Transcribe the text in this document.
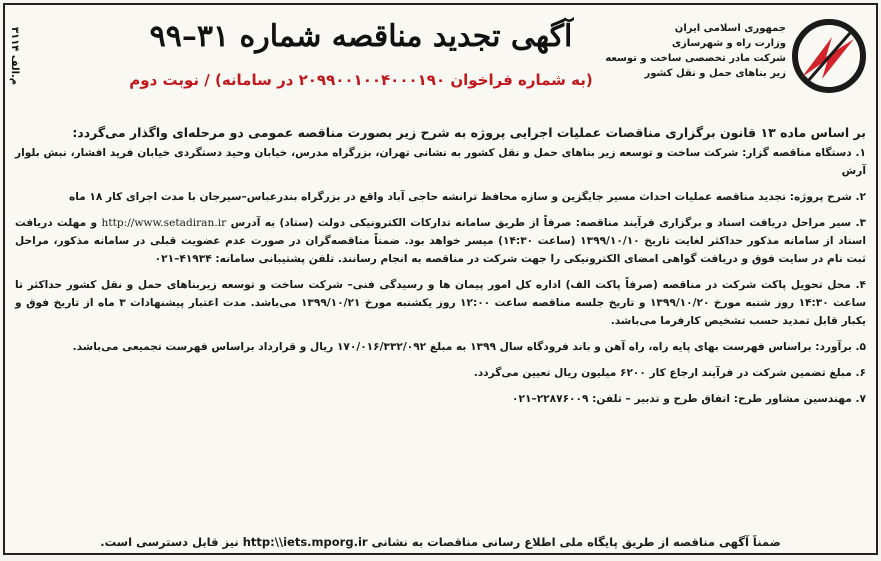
جمهوری اسلامی ایران
وزارت راه و شهرسازی
شرکت مادر تخصصی ساخت و توسعه
زیر بناهای حمل و نقل کشور
آگهی تجدید مناقصه شماره ۳۱–۹۹
(به شماره فراخوان ۲۰۹۹۰۰۱۰۰۴۰۰۰۱۹۰ در سامانه) / نوبت دوم
م.الف ۳۱۱۴
بر اساس ماده ۱۳ قانون برگزاری مناقصات عملیات اجرایی پروژه به شرح زیر بصورت مناقصه عمومی دو مرحله‌ای واگذار می‌گردد:
۱. دستگاه مناقصه گزار: شرکت ساخت و توسعه زیر بناهای حمل و نقل کشور به نشانی تهران، بزرگراه مدرس، خیابان وحید دستگردی خیابان فرید افشار، نبش بلوار آرش
۲. شرح پروژه: تجدید مناقصه عملیات احداث مسیر جایگزین و سازه محافظ ترانشه حاجی آباد واقع در بزرگراه بندرعباس–سیرجان با مدت اجرای کار ۱۸ ماه
۳. سیر مراحل دریافت اسناد و برگزاری فرآیند مناقصه: صرفاً از طریق سامانه تدارکات الکترونیکی دولت (ستاد) به آدرس http://www.setadiran.ir و مهلت دریافت اسناد از سامانه مذکور حداکثر لغایت تاریخ ۱۳۹۹/۱۰/۱۰ (ساعت ۱۴:۳۰) میسر خواهد بود. ضمناً مناقصه‌گران در صورت عدم عضویت قبلی در سامانه مذکور، مراحل ثبت نام در سایت فوق و دریافت گواهی امضای الکترونیکی را جهت شرکت در مناقصه به انجام رسانند. تلفن پشتیبانی سامانه: ۴۱۹۳۴–۰۲۱
۴. محل تحویل پاکت شرکت در مناقصه (صرفاً پاکت الف) اداره کل امور پیمان ها و رسیدگی فنی– شرکت ساخت و توسعه زیربناهای حمل و نقل کشور حداکثر تا ساعت ۱۴:۳۰ روز شنبه مورخ ۱۳۹۹/۱۰/۲۰ و تاریخ جلسه مناقصه ساعت ۱۲:۰۰ روز یکشنبه مورخ ۱۳۹۹/۱۰/۲۱ می‌باشد. مدت اعتبار پیشنهادات ۳ ماه از تاریخ فوق و یکبار قابل تمدید حسب تشخیص کارفرما می‌باشد.
۵. برآورد: براساس فهرست بهای پایه راه، راه آهن و باند فرودگاه سال ۱۳۹۹ به مبلغ ۱۷۰/۰۱۶/۳۳۲/۰۹۲ ریال و قرارداد براساس فهرست تجمیعی می‌باشد.
۶. مبلغ تضمین شرکت در فرآیند ارجاع کار ۶۲۰۰ میلیون ریال تعیین می‌گردد.
۷. مهندسین مشاور طرح: اتفاق طرح و تدبیر – تلفن: ۲۲۸۷۶۰۰۹–۰۲۱
ضمناً آگهی مناقصه از طریق پایگاه ملی اطلاع رسانی مناقصات به نشانی http:\\iets.mporg.ir نیز قابل دسترسی است.
